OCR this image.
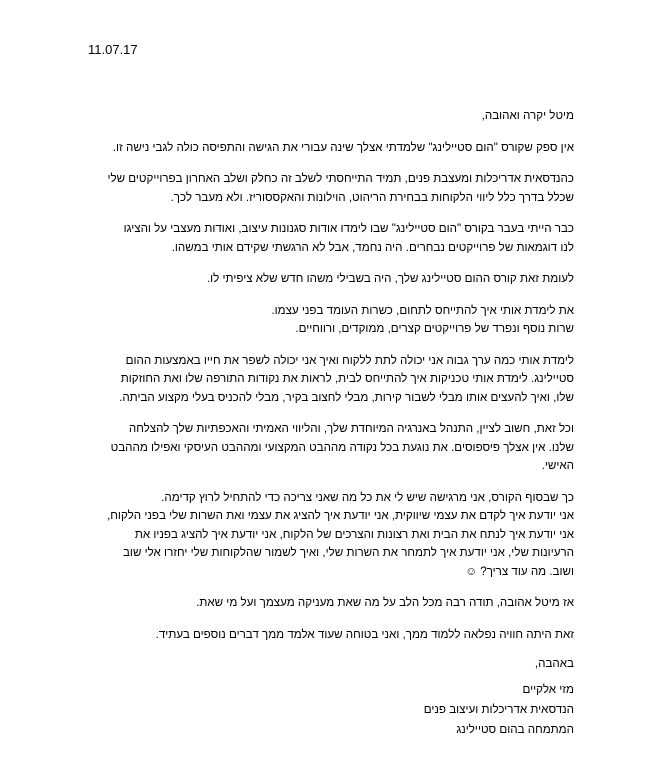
11.07.17

מיטל יקרה ואהובה,

אין ספק שקורס "הום סטיילינג" שלמדתי אצלך שינה עבורי את הגישה והתפיסה כולה לגבי נישה זו.

כהנדסאית אדריכלות ומעצבת פנים, תמיד התייחסתי לשלב זה כחלק ושלב האחרון בפרוייקטים שלי
שכלל בדרך כלל ליווי הלקוחות בבחירת הריהוט, הוילונות והאקססוריז. ולא מעבר לכך.

כבר הייתי בעבר בקורס "הום סטיילינג" שבו לימדו אודות סגנונות עיצוב, ואודות מעצבי על והציגו
לנו דוגמאות של פרוייקטים נבחרים. היה נחמד, אבל לא הרגשתי שקידם אותי במשהו.

לעומת זאת קורס ההום סטיילינג שלך, היה בשבילי משהו חדש שלא ציפיתי לו.

את לימדת אותי איך להתייחס לתחום, כשרות העומד בפני עצמו.
שרות נוסף ונפרד של פרוייקטים קצרים, ממוקדים, ורווחיים.

לימדת אותי כמה ערך גבוה אני יכולה לתת ללקוח ואיך אני יכולה לשפר את חייו באמצעות ההום
סטיילינג. לימדת אותי טכניקות איך להתייחס לבית, לראות את נקודות התורפה שלו ואת החוזקות
שלו, ואיך להעצים אותו מבלי לשבור קירות, מבלי לחצוב בקיר, מבלי להכניס בעלי מקצוע הביתה.

וכל זאת, חשוב לציין, התנהל באנרגיה המיוחדת שלך, והליווי האמיתי והאכפתיות שלך להצלחה
שלנו. אין אצלך פיספוסים. את נוגעת בכל נקודה מההבט המקצועי ומההבט העיסקי ואפילו מההבט
האישי.

כך שבסוף הקורס, אני מרגישה שיש לי את כל מה שאני צריכה כדי להתחיל לרוץ קדימה.
אני יודעת איך לקדם את עצמי שיווקית, אני יודעת איך להציג את עצמי ואת השרות שלי בפני הלקוח,
אני יודעת איך לנתח את הבית ואת רצונות והצרכים של הלקוח, אני יודעת איך להציג בפניו את
הרעיונות שלי, אני יודעת איך לתמחר את השרות שלי, ואיך לשמור שהלקוחות שלי יחזרו אלי שוב
ושוב. מה עוד צריך? ☺

אז מיטל אהובה, תודה רבה מכל הלב על מה שאת מעניקה מעצמך ועל מי שאת.

זאת היתה חוויה נפלאה ללמוד ממך, ואני בטוחה שעוד אלמד ממך דברים נוספים בעתיד.

באהבה,
מזי אלקיים
הנדסאית אדריכלות ועיצוב פנים
המתמחה בהום סטיילינג
